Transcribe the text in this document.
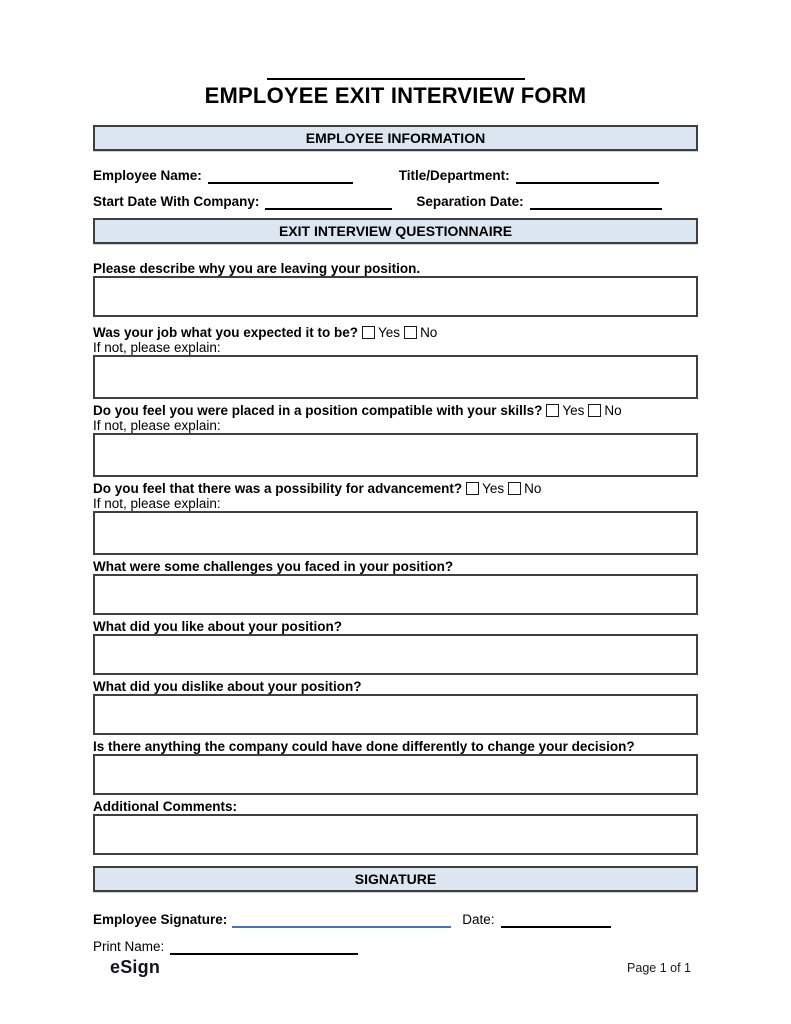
EMPLOYEE EXIT INTERVIEW FORM
EMPLOYEE INFORMATION
Employee Name:	Title/Department:
Start Date With Company:	Separation Date:
EXIT INTERVIEW QUESTIONNAIRE
Please describe why you are leaving your position.
Was your job what you expected it to be? Yes No
If not, please explain:
Do you feel you were placed in a position compatible with your skills? Yes No
If not, please explain:
Do you feel that there was a possibility for advancement? Yes No
If not, please explain:
What were some challenges you faced in your position?
What did you like about your position?
What did you dislike about your position?
Is there anything the company could have done differently to change your decision?
Additional Comments:
SIGNATURE
Employee Signature:	Date:
Print Name:
eSign	Page 1 of 1
